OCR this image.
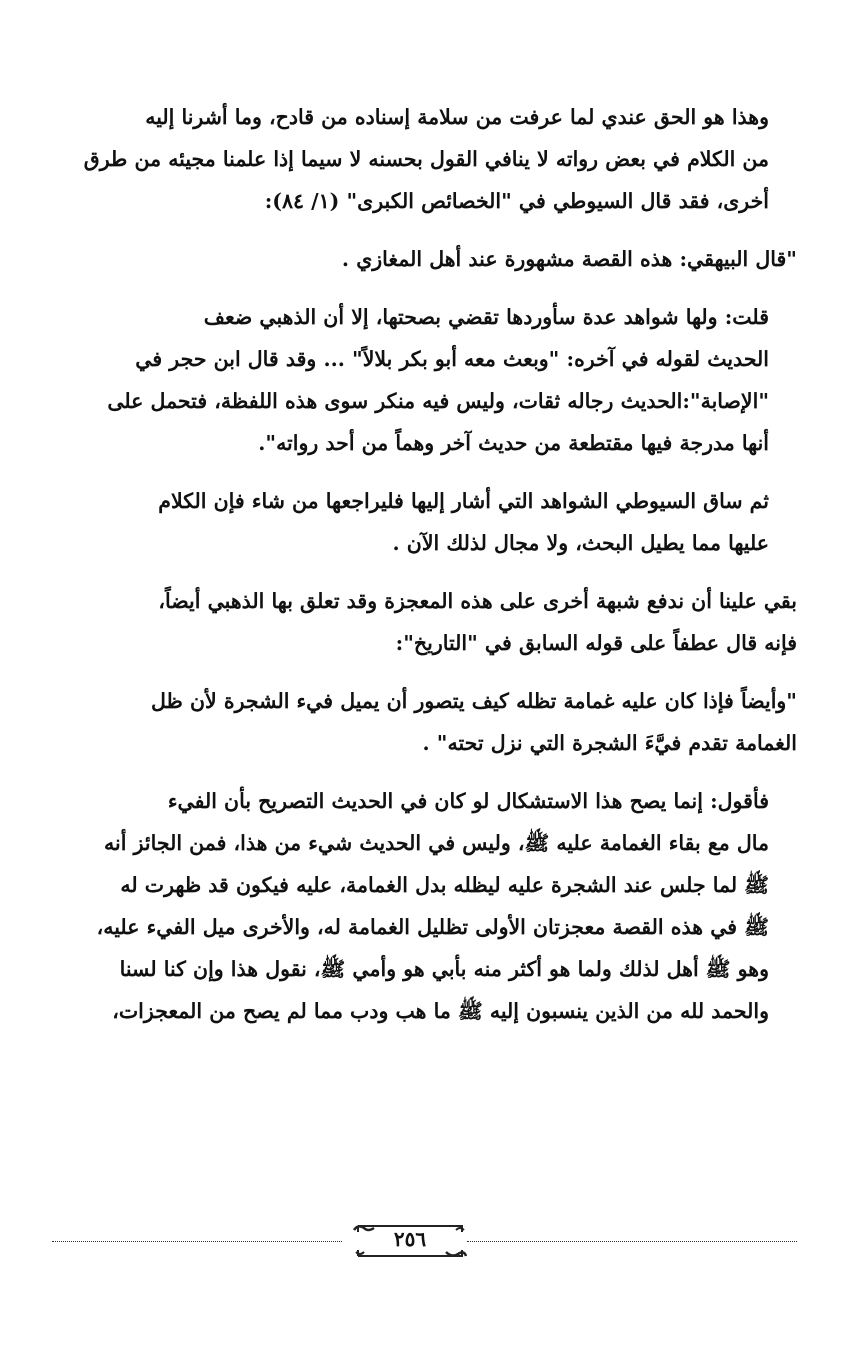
وهذا هو الحق عندي لما عرفت من سلامة إسناده من قادح، وما أشرنا إليه
من الكلام في بعض رواته لا ينافي القول بحسنه لا سيما إذا علمنا مجيئه من طرق
أخرى، فقد قال السيوطي في "الخصائص الكبرى" (١/ ٨٤):

"قال البيهقي: هذه القصة مشهورة عند أهل المغازي .

قلت: ولها شواهد عدة سأوردها تقضي بصحتها، إلا أن الذهبي ضعف
الحديث لقوله في آخره: "وبعث معه أبو بكر بلالاً" ... وقد قال ابن حجر في
"الإصابة":الحديث رجاله ثقات، وليس فيه منكر سوى هذه اللفظة، فتحمل على
أنها مدرجة فيها مقتطعة من حديث آخر وهماً من أحد رواته".

ثم ساق السيوطي الشواهد التي أشار إليها فليراجعها من شاء فإن الكلام
عليها مما يطيل البحث، ولا مجال لذلك الآن .

بقي علينا أن ندفع شبهة أخرى على هذه المعجزة وقد تعلق بها الذهبي أيضاً،
فإنه قال عطفاً على قوله السابق في "التاريخ":

"وأيضاً فإذا كان عليه غمامة تظله كيف يتصور أن يميل فيء الشجرة لأن ظل
الغمامة تقدم فيَّءَ الشجرة التي نزل تحته" .

فأقول: إنما يصح هذا الاستشكال لو كان في الحديث التصريح بأن الفيء
مال مع بقاء الغمامة عليه ﷺ، وليس في الحديث شيء من هذا، فمن الجائز أنه
ﷺ لما جلس عند الشجرة عليه ليظله بدل الغمامة، عليه فيكون قد ظهرت له
ﷺ في هذه القصة معجزتان الأولى تظليل الغمامة له، والأخرى ميل الفيء عليه،
وهو ﷺ أهل لذلك ولما هو أكثر منه بأبي هو وأمي ﷺ، نقول هذا وإن كنا لسنا
والحمد لله من الذين ينسبون إليه ﷺ ما هب ودب مما لم يصح من المعجزات،

٢٥٦
